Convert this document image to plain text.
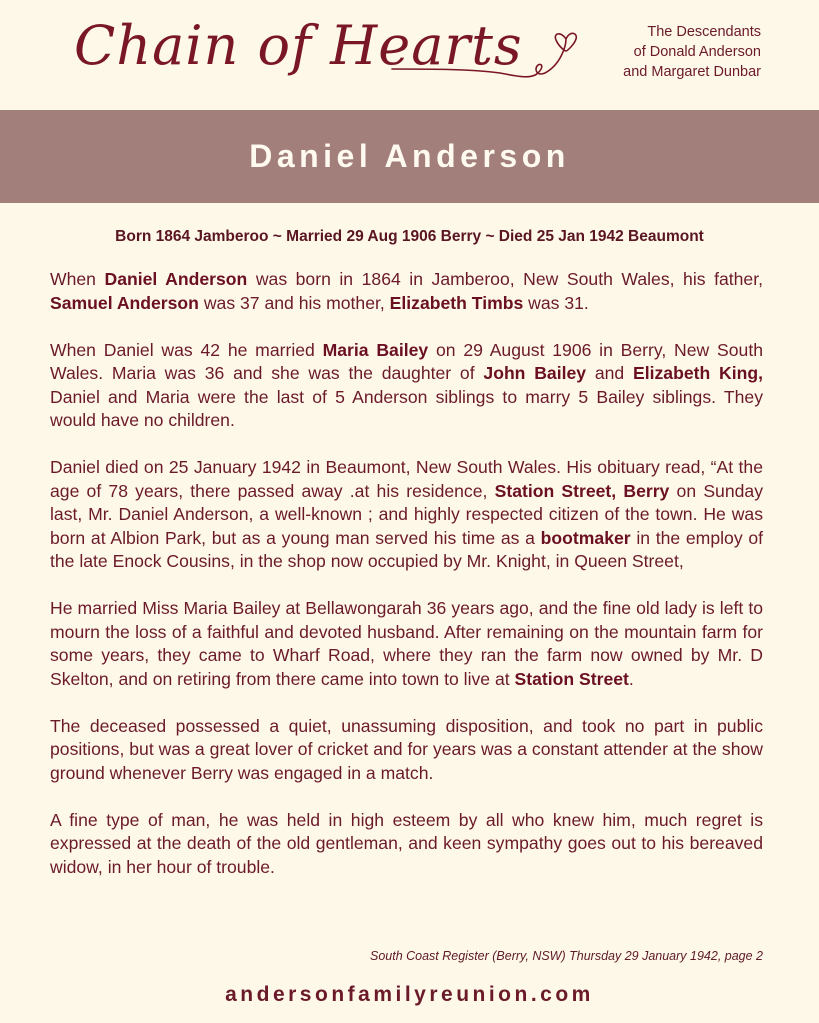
Chain of Hearts	The Descendants
of Donald Anderson
and Margaret Dunbar
Daniel Anderson
Born 1864 Jamberoo ~ Married 29 Aug 1906 Berry ~ Died 25 Jan 1942 Beaumont

When Daniel Anderson was born in 1864 in Jamberoo, New South Wales, his father, Samuel Anderson was 37 and his mother, Elizabeth Timbs was 31.

When Daniel was 42 he married Maria Bailey on 29 August 1906 in Berry, New South Wales. Maria was 36 and she was the daughter of John Bailey and Elizabeth King, Daniel and Maria were the last of 5 Anderson siblings to marry 5 Bailey siblings. They would have no children.

Daniel died on 25 January 1942 in Beaumont, New South Wales. His obituary read, “At the age of 78 years, there passed away .at his residence, Station Street, Berry on Sunday last, Mr. Daniel Anderson, a well-known ; and highly respected citizen of the town. He was born at Albion Park, but as a young man served his time as a bootmaker in the employ of the late Enock Cousins, in the shop now occupied by Mr. Knight, in Queen Street,

He married Miss Maria Bailey at Bellawongarah 36 years ago, and the fine old lady is left to mourn the loss of a faithful and devoted husband. After remaining on the mountain farm for some years, they came to Wharf Road, where they ran the farm now owned by Mr. D Skelton, and on retiring from there came into town to live at Station Street.

The deceased possessed a quiet, unassuming disposition, and took no part in public positions, but was a great lover of cricket and for years was a constant attender at the show ground whenever Berry was engaged in a match.

A fine type of man, he was held in high esteem by all who knew him, much regret is expressed at the death of the old gentleman, and keen sympathy goes out to his bereaved widow, in her hour of trouble.

South Coast Register (Berry, NSW) Thursday 29 January 1942, page 2
andersonfamilyreunion.com
